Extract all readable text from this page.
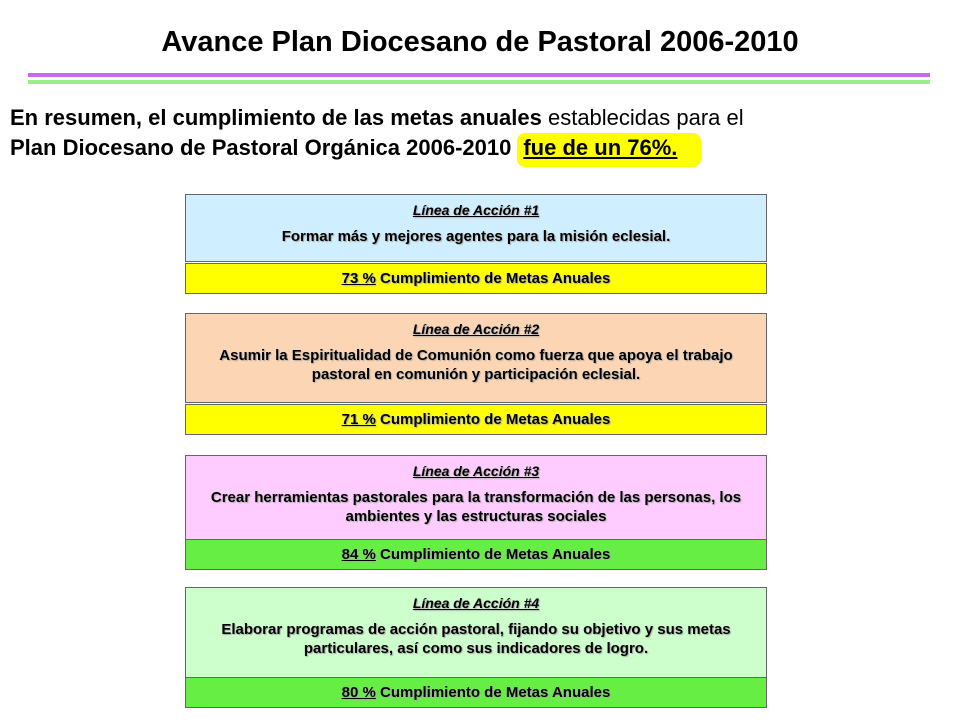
Avance Plan Diocesano de Pastoral 2006-2010
En resumen, el cumplimiento de las metas anuales establecidas para el
Plan Diocesano de Pastoral Orgánica 2006-2010 fue de un 76%.
Línea de Acción #1
Formar más y mejores agentes para la misión eclesial.
73 % Cumplimiento de Metas Anuales
Línea de Acción #2
Asumir la Espiritualidad de Comunión como fuerza que apoya el trabajo pastoral en comunión y participación eclesial.
71 % Cumplimiento de Metas Anuales
Línea de Acción #3
Crear herramientas pastorales para la transformación de las personas, los ambientes y las estructuras sociales
84 % Cumplimiento de Metas Anuales
Línea de Acción #4
Elaborar programas de acción pastoral, fijando su objetivo y sus metas particulares, así como sus indicadores de logro.
80 % Cumplimiento de Metas Anuales
